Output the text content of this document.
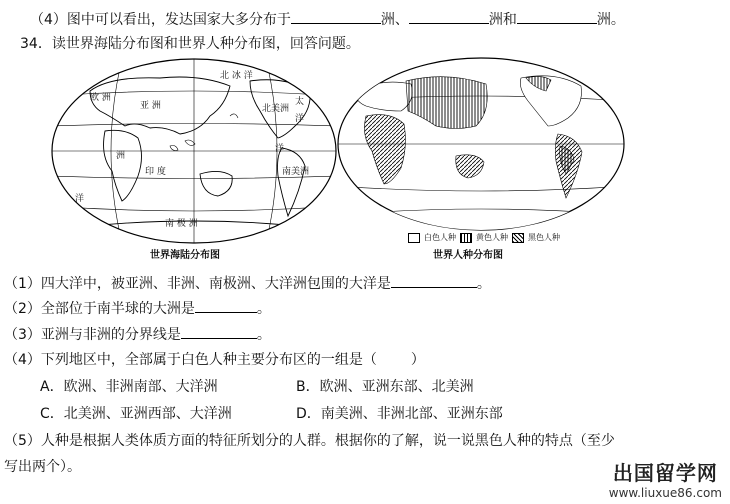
（4）图中可以看出，发达国家大多分布于	洲、	洲和	洲。
34．读世界海陆分布图和世界人种分布图，回答问题。
北 冰 洋
亚 洲
欧 洲
北美洲
太
洋
洲
印 度
洋
南美洲
南 极 洲
洋
世界海陆分布图
白色人种	黄色人种	黑色人种
世界人种分布图
（1）四大洋中，被亚洲、非洲、南极洲、大洋洲包围的大洋是	。
（2）全部位于南半球的大洲是	。
（3）亚洲与非洲的分界线是	。
（4）下列地区中，全部属于白色人种主要分布区的一组是（ ）
A．欧洲、非洲南部、大洋洲	B．欧洲、亚洲东部、北美洲
C．北美洲、亚洲西部、大洋洲	D．南美洲、非洲北部、亚洲东部
（5）人种是根据人类体质方面的特征所划分的人群。根据你的了解，说一说黑色人种的特点（至少
写出两个）。	出国留学网
www.liuxue86.com
